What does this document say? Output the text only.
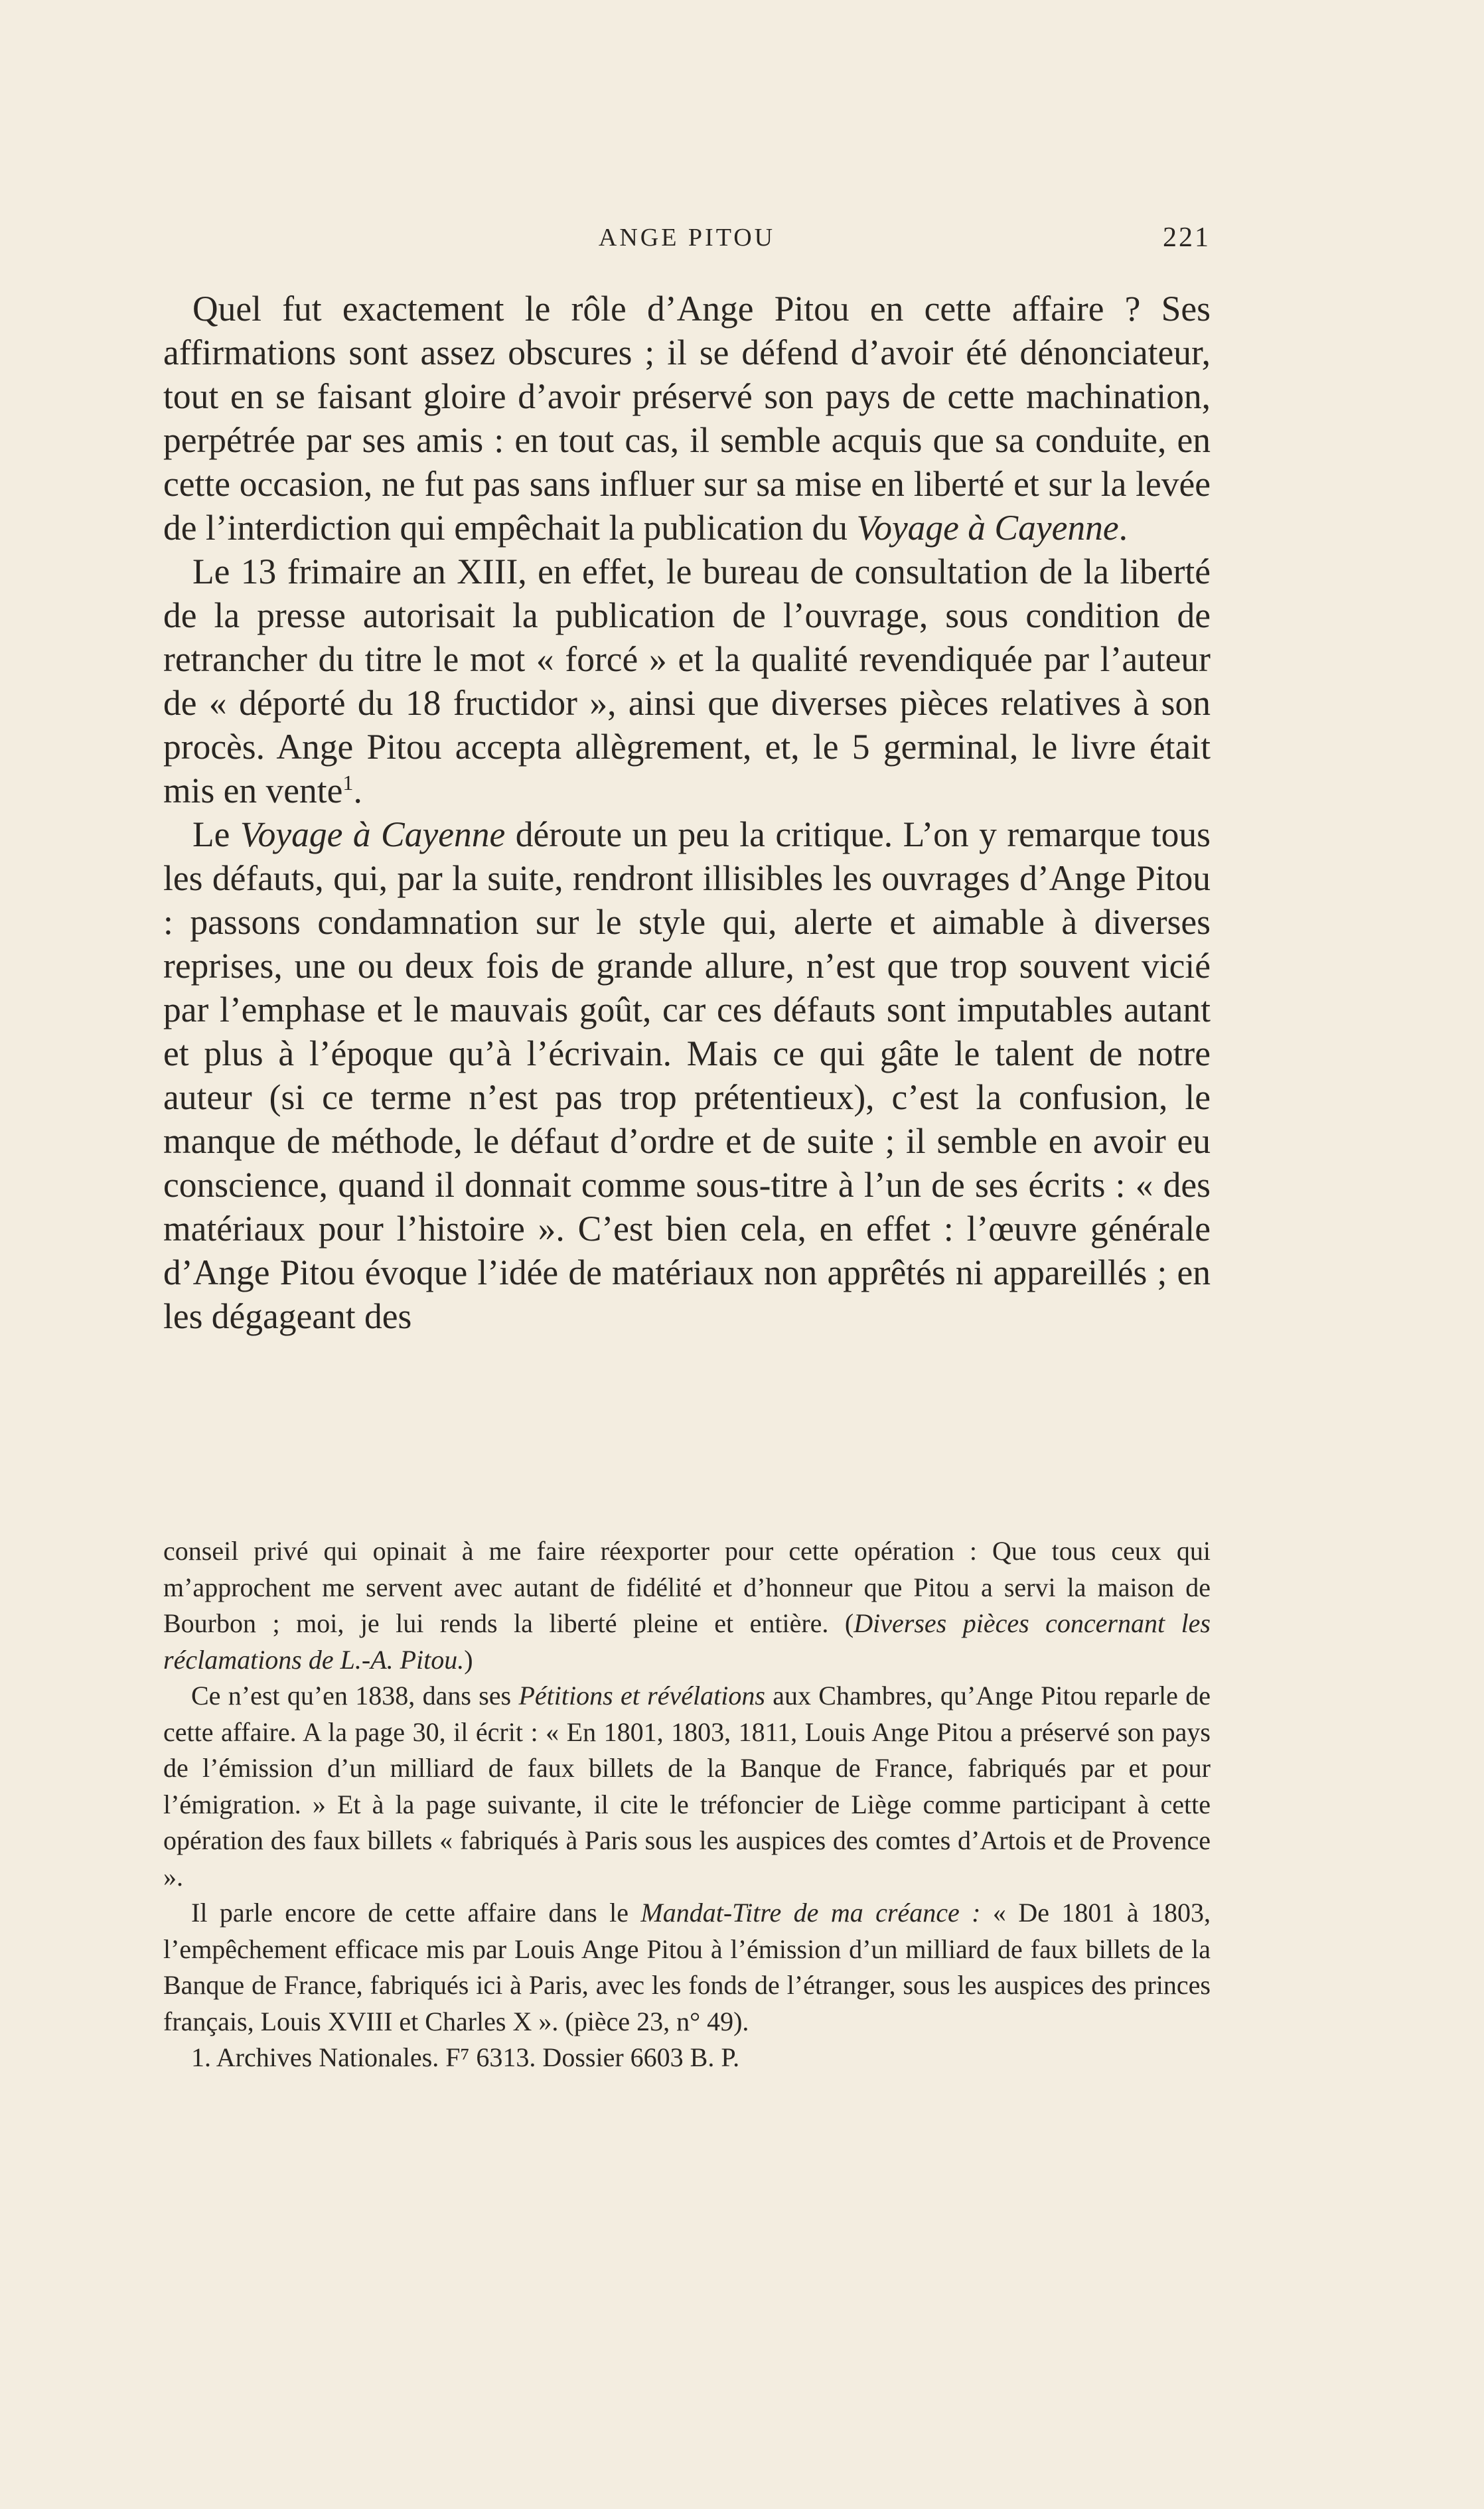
ANGE PITOU	221

Quel fut exactement le rôle d’Ange Pitou en cette affaire ? Ses affirmations sont assez obscures ; il se défend d’avoir été dénonciateur, tout en se faisant gloire d’avoir préservé son pays de cette machination, perpétrée par ses amis : en tout cas, il semble acquis que sa conduite, en cette occasion, ne fut pas sans influer sur sa mise en liberté et sur la levée de l’interdiction qui empêchait la publication du Voyage à Cayenne.

Le 13 frimaire an XIII, en effet, le bureau de consultation de la liberté de la presse autorisait la publication de l’ouvrage, sous condition de retrancher du titre le mot « forcé » et la qualité revendiquée par l’auteur de « déporté du 18 fructidor », ainsi que diverses pièces relatives à son procès. Ange Pitou accepta allègrement, et, le 5 germinal, le livre était mis en vente$^1$.

Le Voyage à Cayenne déroute un peu la critique. L’on y remarque tous les défauts, qui, par la suite, rendront illisibles les ouvrages d’Ange Pitou : passons condamnation sur le style qui, alerte et aimable à diverses reprises, une ou deux fois de grande allure, n’est que trop souvent vicié par l’emphase et le mauvais goût, car ces défauts sont imputables autant et plus à l’époque qu’à l’écrivain. Mais ce qui gâte le talent de notre auteur (si ce terme n’est pas trop prétentieux), c’est la confusion, le manque de méthode, le défaut d’ordre et de suite ; il semble en avoir eu conscience, quand il donnait comme sous-titre à l’un de ses écrits : « des matériaux pour l’histoire ». C’est bien cela, en effet : l’œuvre générale d’Ange Pitou évoque l’idée de matériaux non apprêtés ni appareillés ; en les dégageant des

conseil privé qui opinait à me faire réexporter pour cette opération : Que tous ceux qui m’approchent me servent avec autant de fidélité et d’honneur que Pitou a servi la maison de Bourbon ; moi, je lui rends la liberté pleine et entière. (Diverses pièces concernant les réclamations de L.-A. Pitou.)

Ce n’est qu’en 1838, dans ses Pétitions et révélations aux Chambres, qu’Ange Pitou reparle de cette affaire. A la page 30, il écrit : « En 1801, 1803, 1811, Louis Ange Pitou a préservé son pays de l’émission d’un milliard de faux billets de la Banque de France, fabriqués par et pour l’émigration. » Et à la page suivante, il cite le tréfoncier de Liège comme participant à cette opération des faux billets « fabriqués à Paris sous les auspices des comtes d’Artois et de Provence ».

Il parle encore de cette affaire dans le Mandat-Titre de ma créance : « De 1801 à 1803, l’empêchement efficace mis par Louis Ange Pitou à l’émission d’un milliard de faux billets de la Banque de France, fabriqués ici à Paris, avec les fonds de l’étranger, sous les auspices des princes français, Louis XVIII et Charles X ». (pièce 23, n° 49).

1. Archives Nationales. F⁷ 6313. Dossier 6603 B. P.
